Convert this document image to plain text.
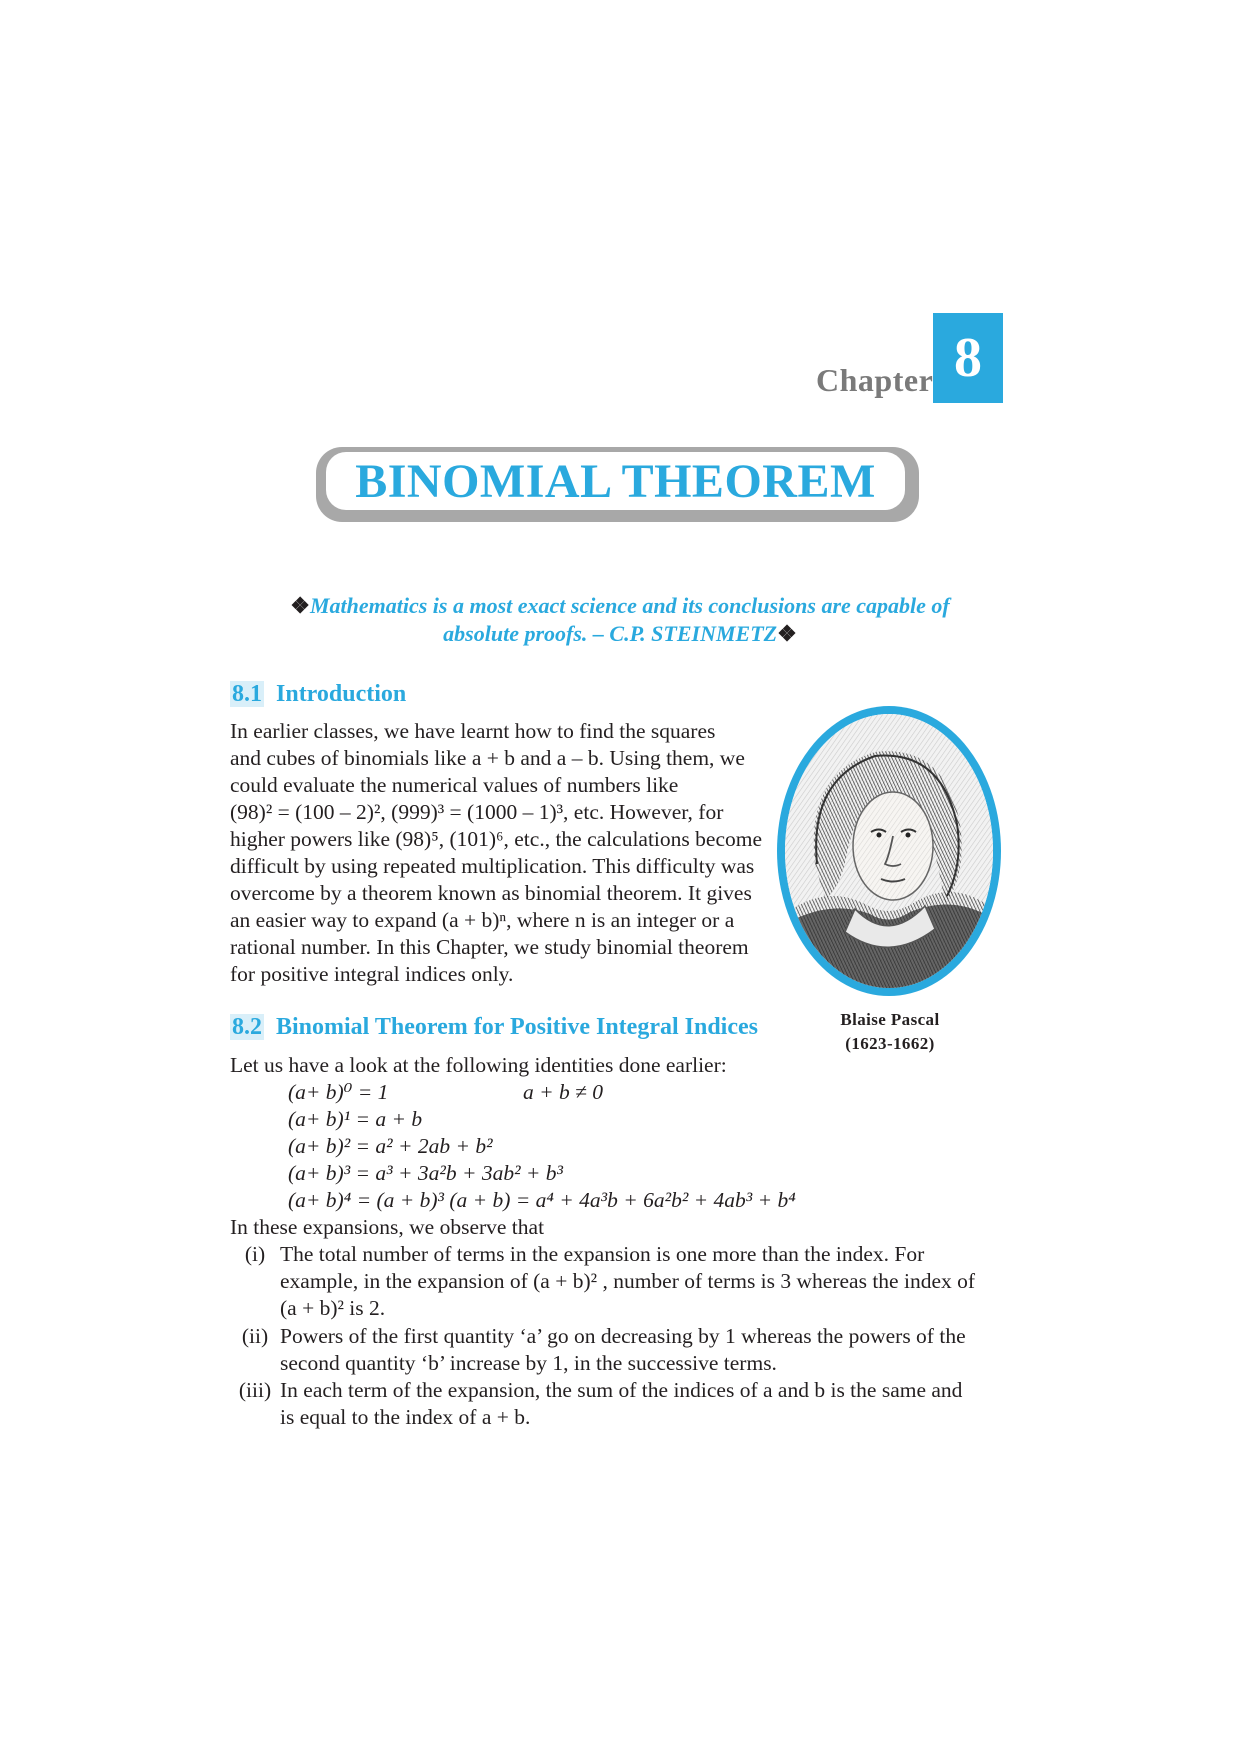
Chapter 8
BINOMIAL THEOREM
❖Mathematics is a most exact science and its conclusions are capable of
absolute proofs. – C.P. STEINMETZ❖
8.1 Introduction

In earlier classes, we have learnt how to find the squares

and cubes of binomials like a + b and a – b. Using them, we

could evaluate the numerical values of numbers like

(98)² = (100 – 2)², (999)³ = (1000 – 1)³, etc. However, for

higher powers like (98)⁵, (101)⁶, etc., the calculations become

difficult by using repeated multiplication. This difficulty was

overcome by a theorem known as binomial theorem. It gives

an easier way to expand (a + b)ⁿ, where n is an integer or a

rational number. In this Chapter, we study binomial theorem

for positive integral indices only.

Blaise Pascal
(1623-1662)
8.2 Binomial Theorem for Positive Integral Indices
Let us have a look at the following identities done earlier:
(a+ b)⁰ = 1	a + b ≠ 0
(a+ b)¹ = a + b
(a+ b)² = a² + 2ab + b²
(a+ b)³ = a³ + 3a²b + 3ab² + b³
(a+ b)⁴ = (a + b)³ (a + b) = a⁴ + 4a³b + 6a²b² + 4ab³ + b⁴
In these expansions, we observe that
(i) The total number of terms in the expansion is one more than the index. For
example, in the expansion of (a + b)² , number of terms is 3 whereas the index of
(a + b)² is 2.
(ii) Powers of the first quantity ‘a’ go on decreasing by 1 whereas the powers of the
second quantity ‘b’ increase by 1, in the successive terms.
(iii) In each term of the expansion, the sum of the indices of a and b is the same and
is equal to the index of a + b.
